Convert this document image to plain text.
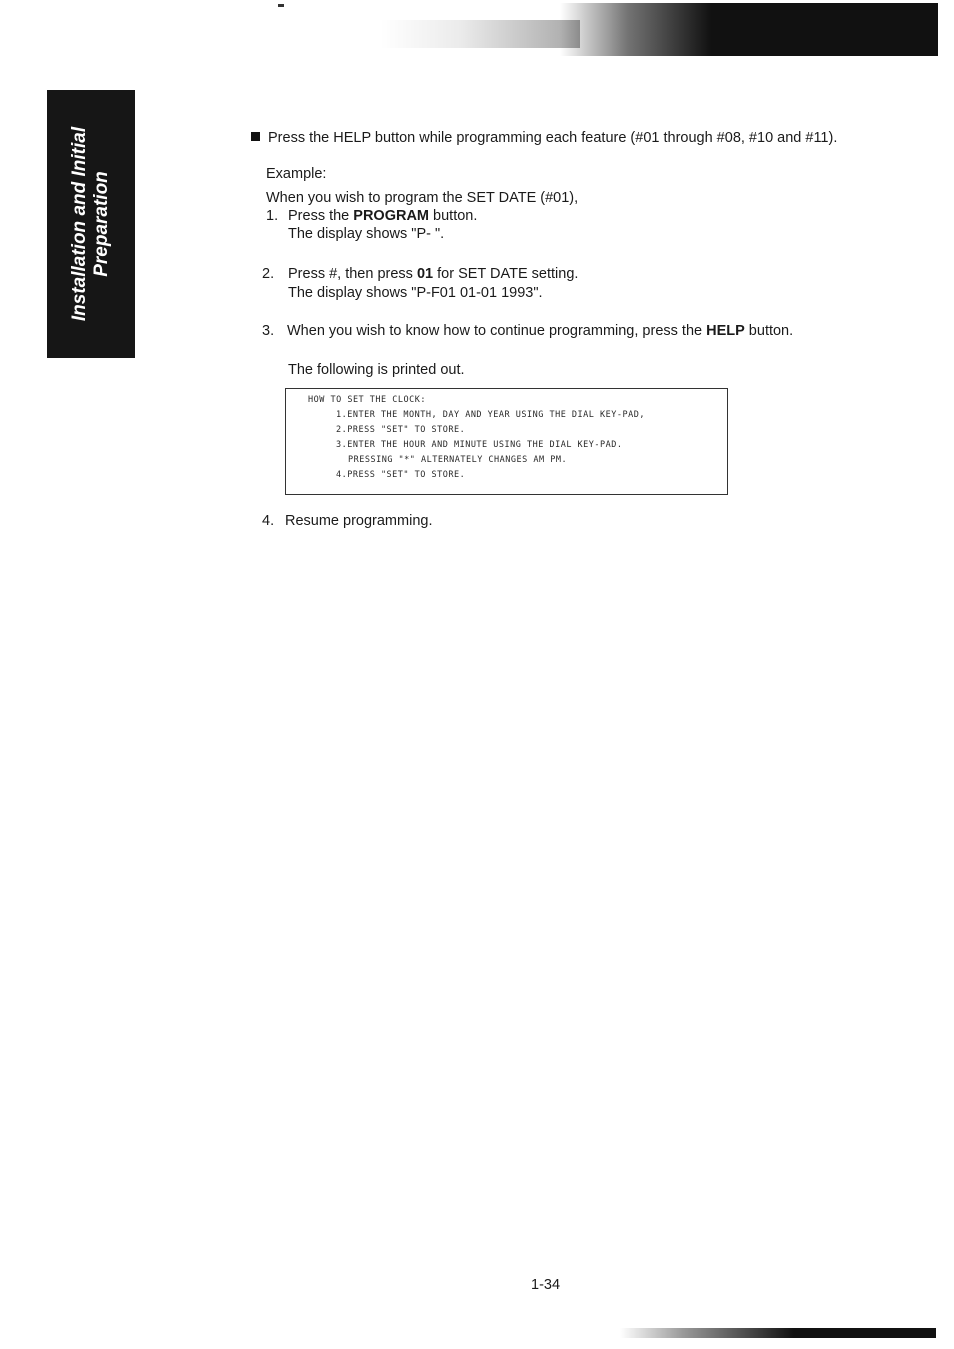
Installation and Initial Preparation
Press the HELP button while programming each feature (#01 through #08, #10 and #11).
Example:
When you wish to program the SET DATE (#01),
1. Press the PROGRAM button.
The display shows "P- ".
2. Press #, then press 01 for SET DATE setting.
The display shows "P-F01 01-01 1993".
3. When you wish to know how to continue programming, press the HELP button.
The following is printed out.
HOW TO SET THE CLOCK:
1.ENTER THE MONTH, DAY AND YEAR USING THE DIAL KEY-PAD,
2.PRESS "SET" TO STORE.
3.ENTER THE HOUR AND MINUTE USING THE DIAL KEY-PAD.
PRESSING "*" ALTERNATELY CHANGES AM PM.
4.PRESS "SET" TO STORE.
4. Resume programming.
1-34
